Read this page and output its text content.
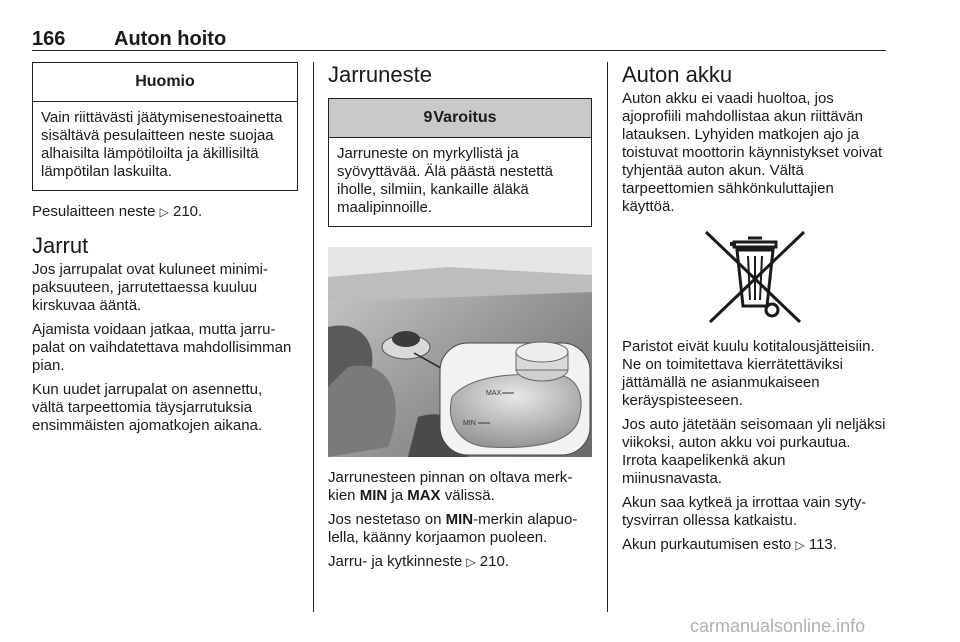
166 Auton hoito
Huomio
Vain riittävästi jäätymisenestoainetta sisältävä pesulaitteen neste suojaa alhaisilta lämpötiloilta ja äkillisiltä lämpötilan laskuilta.

Pesulaitteen neste ▷ 210.

Jarrut

Jos jarrupalat ovat kuluneet minimipaksuuteen, jarrutettaessa kuuluu kirskuvaa ääntä.

Ajamista voidaan jatkaa, mutta jarrupalat on vaihdatettava mahdollisimman pian.

Kun uudet jarrupalat on asennettu, vältä tarpeettomia täysjarrutuksia ensimmäisten ajomatkojen aikana.

Jarruneste
9Varoitus
Jarruneste on myrkyllistä ja syövyttävää. Älä päästä nestettä iholle, silmiin, kankaille äläkä maalipinnoille.
MAX
MIN

Jarrunesteen pinnan on oltava merkkien MIN ja MAX välissä.

Jos nestetaso on MIN-merkin alapuolella, käänny korjaamon puoleen.

Jarru- ja kytkinneste ▷ 210.

Auton akku

Auton akku ei vaadi huoltoa, jos ajoprofiili mahdollistaa akun riittävän latauksen. Lyhyiden matkojen ajo ja toistuvat moottorin käynnistykset voivat tyhjentää auton akun. Vältä tarpeettomien sähkönkuluttajien käyttöä.

Paristot eivät kuulu kotitalousjätteisiin. Ne on toimitettava kierrätettäviksi jättämällä ne asianmukaiseen keräyspisteeseen.

Jos auto jätetään seisomaan yli neljäksi viikoksi, auton akku voi purkautua. Irrota kaapelikenkä akun miinusnavasta.

Akun saa kytkeä ja irrottaa vain sytytysvirran ollessa katkaistu.

Akun purkautumisen esto ▷ 113.

carmanualsonline.info
